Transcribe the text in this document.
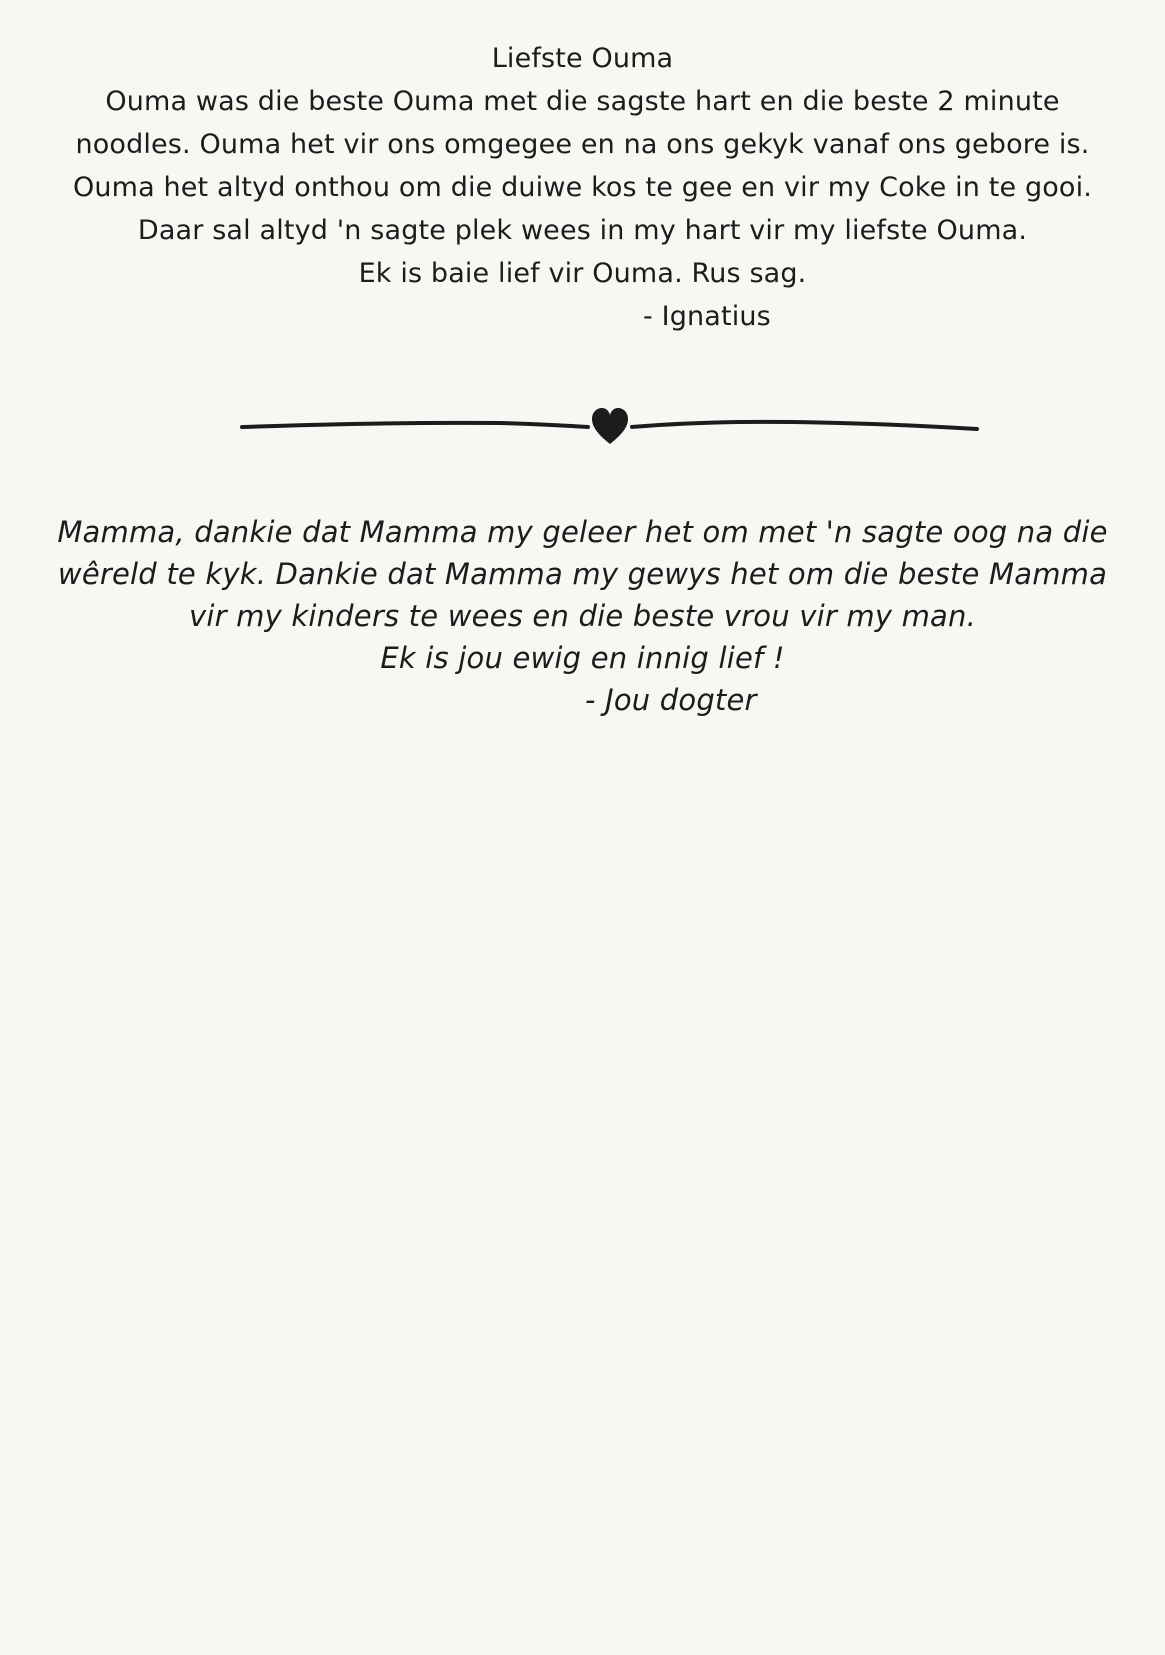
Liefste Ouma
Ouma was die beste Ouma met die sagste hart en die beste 2 minute
noodles. Ouma het vir ons omgegee en na ons gekyk vanaf ons gebore is.
Ouma het altyd onthou om die duiwe kos te gee en vir my Coke in te gooi.
Daar sal altyd 'n sagte plek wees in my hart vir my liefste Ouma.
Ek is baie lief vir Ouma. Rus sag.
- Ignatius
Mamma, dankie dat Mamma my geleer het om met 'n sagte oog na die
wêreld te kyk. Dankie dat Mamma my gewys het om die beste Mamma
vir my kinders te wees en die beste vrou vir my man.
Ek is jou ewig en innig lief !
- Jou dogter
